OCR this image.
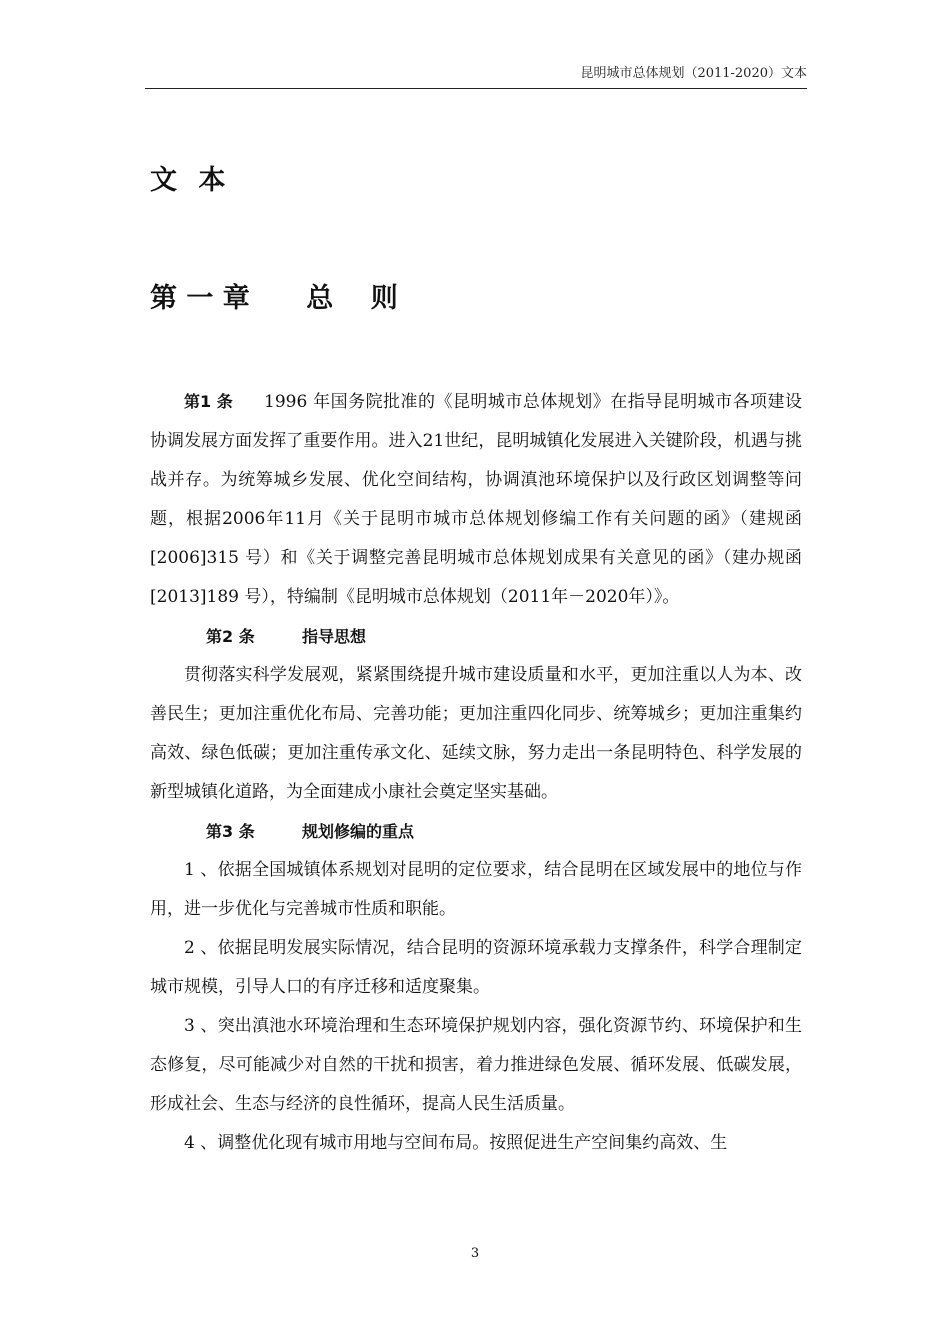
昆明城市总体规划（2011-2020）文本
文 本
第 一 章      总    则

第1 条 1996 年国务院批准的《昆明城市总体规划》在指导昆明城市各项建设协调发展方面发挥了重要作用。进入21世纪，昆明城镇化发展进入关键阶段，机遇与挑战并存。为统筹城乡发展、优化空间结构，协调滇池环境保护以及行政区划调整等问题，根据2006年11月《关于昆明市城市总体规划修编工作有关问题的函》（建规函[2006]315 号）和《关于调整完善昆明城市总体规划成果有关意见的函》（建办规函[2013]189 号），特编制《昆明城市总体规划（2011年－2020年）》。

第2 条	指导思想

贯彻落实科学发展观，紧紧围绕提升城市建设质量和水平，更加注重以人为本、改善民生；更加注重优化布局、完善功能；更加注重四化同步、统筹城乡；更加注重集约高效、绿色低碳；更加注重传承文化、延续文脉，努力走出一条昆明特色、科学发展的新型城镇化道路，为全面建成小康社会奠定坚实基础。

第3 条	规划修编的重点

1 、依据全国城镇体系规划对昆明的定位要求，结合昆明在区域发展中的地位与作用，进一步优化与完善城市性质和职能。

2 、依据昆明发展实际情况，结合昆明的资源环境承载力支撑条件，科学合理制定城市规模，引导人口的有序迁移和适度聚集。

3 、突出滇池水环境治理和生态环境保护规划内容，强化资源节约、环境保护和生态修复，尽可能减少对自然的干扰和损害，着力推进绿色发展、循环发展、低碳发展，形成社会、生态与经济的良性循环，提高人民生活质量。

4 、调整优化现有城市用地与空间布局。按照促进生产空间集约高效、生

3
